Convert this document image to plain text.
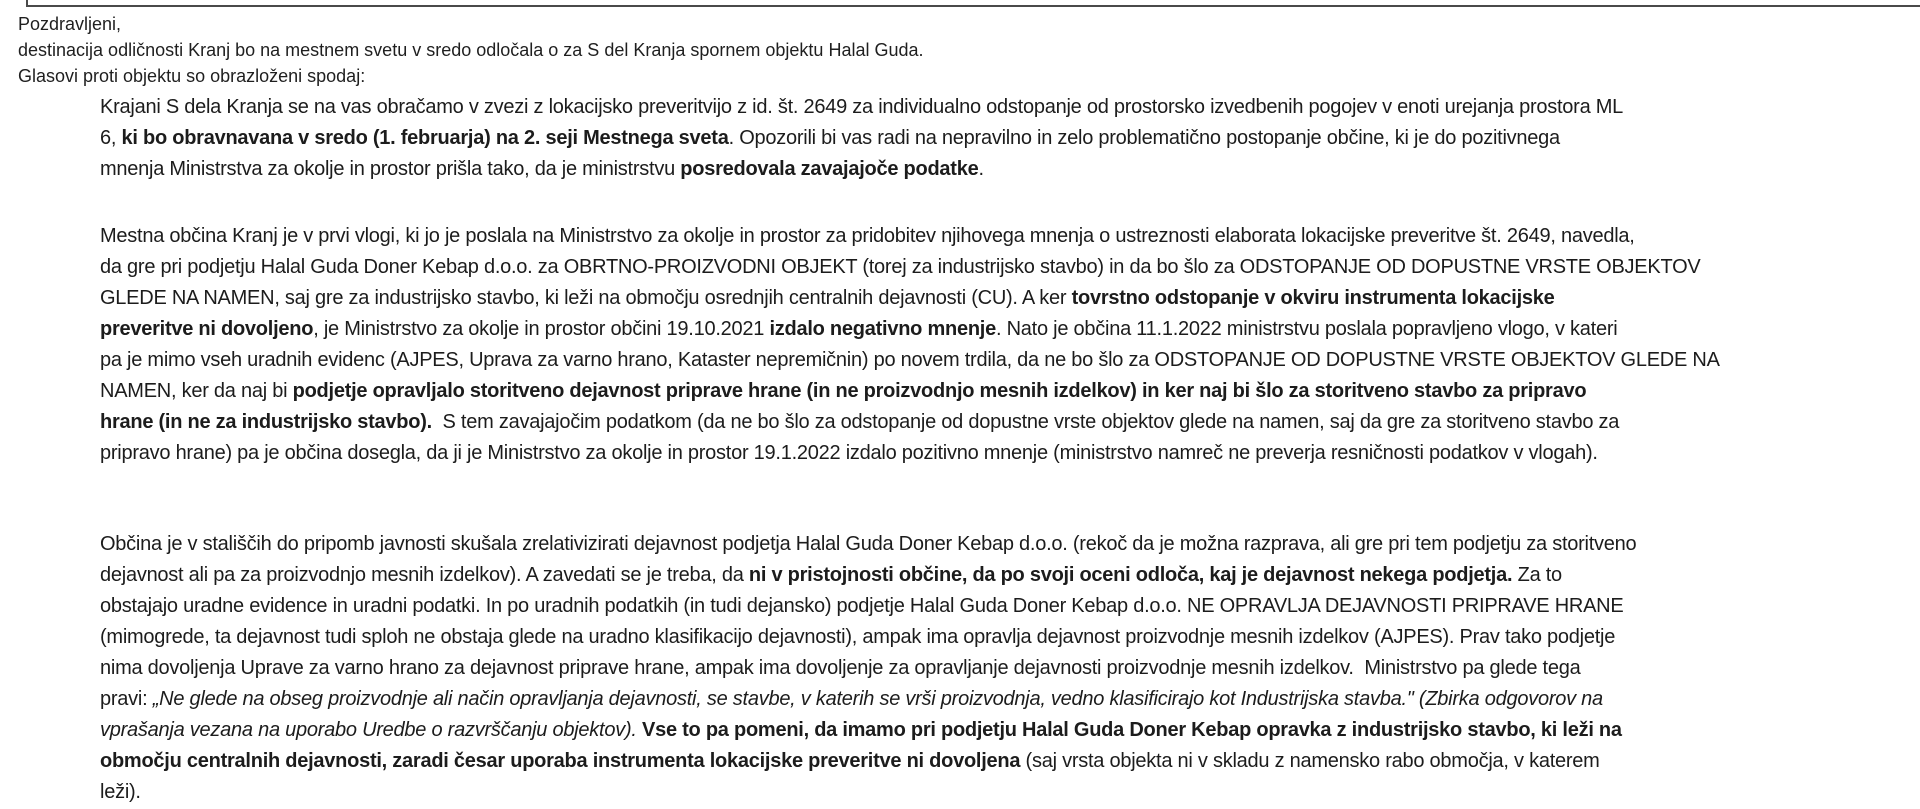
Pozdravljeni,
destinacija odličnosti Kranj bo na mestnem svetu v sredo odločala o za S del Kranja spornem objektu Halal Guda.
Glasovi proti objektu so obrazloženi spodaj:
Krajani S dela Kranja se na vas obračamo v zvezi z lokacijsko preveritvijo z id. št. 2649 za individualno odstopanje od prostorsko izvedbenih pogojev v enoti urejanja prostora ML
6, ki bo obravnavana v sredo (1. februarja) na 2. seji Mestnega sveta. Opozorili bi vas radi na nepravilno in zelo problematično postopanje občine, ki je do pozitivnega
mnenja Ministrstva za okolje in prostor prišla tako, da je ministrstvu posredovala zavajajoče podatke.
Mestna občina Kranj je v prvi vlogi, ki jo je poslala na Ministrstvo za okolje in prostor za pridobitev njihovega mnenja o ustreznosti elaborata lokacijske preveritve št. 2649, navedla,
da gre pri podjetju Halal Guda Doner Kebap d.o.o. za OBRTNO-PROIZVODNI OBJEKT (torej za industrijsko stavbo) in da bo šlo za ODSTOPANJE OD DOPUSTNE VRSTE OBJEKTOV
GLEDE NA NAMEN, saj gre za industrijsko stavbo, ki leži na območju osrednjih centralnih dejavnosti (CU). A ker tovrstno odstopanje v okviru instrumenta lokacijske
preveritve ni dovoljeno, je Ministrstvo za okolje in prostor občini 19.10.2021 izdalo negativno mnenje. Nato je občina 11.1.2022 ministrstvu poslala popravljeno vlogo, v kateri
pa je mimo vseh uradnih evidenc (AJPES, Uprava za varno hrano, Kataster nepremičnin) po novem trdila, da ne bo šlo za ODSTOPANJE OD DOPUSTNE VRSTE OBJEKTOV GLEDE NA
NAMEN, ker da naj bi podjetje opravljalo storitveno dejavnost priprave hrane (in ne proizvodnjo mesnih izdelkov) in ker naj bi šlo za storitveno stavbo za pripravo
hrane (in ne za industrijsko stavbo).  S tem zavajajočim podatkom (da ne bo šlo za odstopanje od dopustne vrste objektov glede na namen, saj da gre za storitveno stavbo za
pripravo hrane) pa je občina dosegla, da ji je Ministrstvo za okolje in prostor 19.1.2022 izdalo pozitivno mnenje (ministrstvo namreč ne preverja resničnosti podatkov v vlogah).
Občina je v stališčih do pripomb javnosti skušala zrelativizirati dejavnost podjetja Halal Guda Doner Kebap d.o.o. (rekoč da je možna razprava, ali gre pri tem podjetju za storitveno
dejavnost ali pa za proizvodnjo mesnih izdelkov). A zavedati se je treba, da ni v pristojnosti občine, da po svoji oceni odloča, kaj je dejavnost nekega podjetja. Za to
obstajajo uradne evidence in uradni podatki. In po uradnih podatkih (in tudi dejansko) podjetje Halal Guda Doner Kebap d.o.o. NE OPRAVLJA DEJAVNOSTI PRIPRAVE HRANE
(mimogrede, ta dejavnost tudi sploh ne obstaja glede na uradno klasifikacijo dejavnosti), ampak ima opravlja dejavnost proizvodnje mesnih izdelkov (AJPES). Prav tako podjetje
nima dovoljenja Uprave za varno hrano za dejavnost priprave hrane, ampak ima dovoljenje za opravljanje dejavnosti proizvodnje mesnih izdelkov.  Ministrstvo pa glede tega
pravi: „Ne glede na obseg proizvodnje ali način opravljanja dejavnosti, se stavbe, v katerih se vrši proizvodnja, vedno klasificirajo kot Industrijska stavba." (Zbirka odgovorov na
vprašanja vezana na uporabo Uredbe o razvrščanju objektov). Vse to pa pomeni, da imamo pri podjetju Halal Guda Doner Kebap opravka z industrijsko stavbo, ki leži na
območju centralnih dejavnosti, zaradi česar uporaba instrumenta lokacijske preveritve ni dovoljena (saj vrsta objekta ni v skladu z namensko rabo območja, v katerem
leži).
